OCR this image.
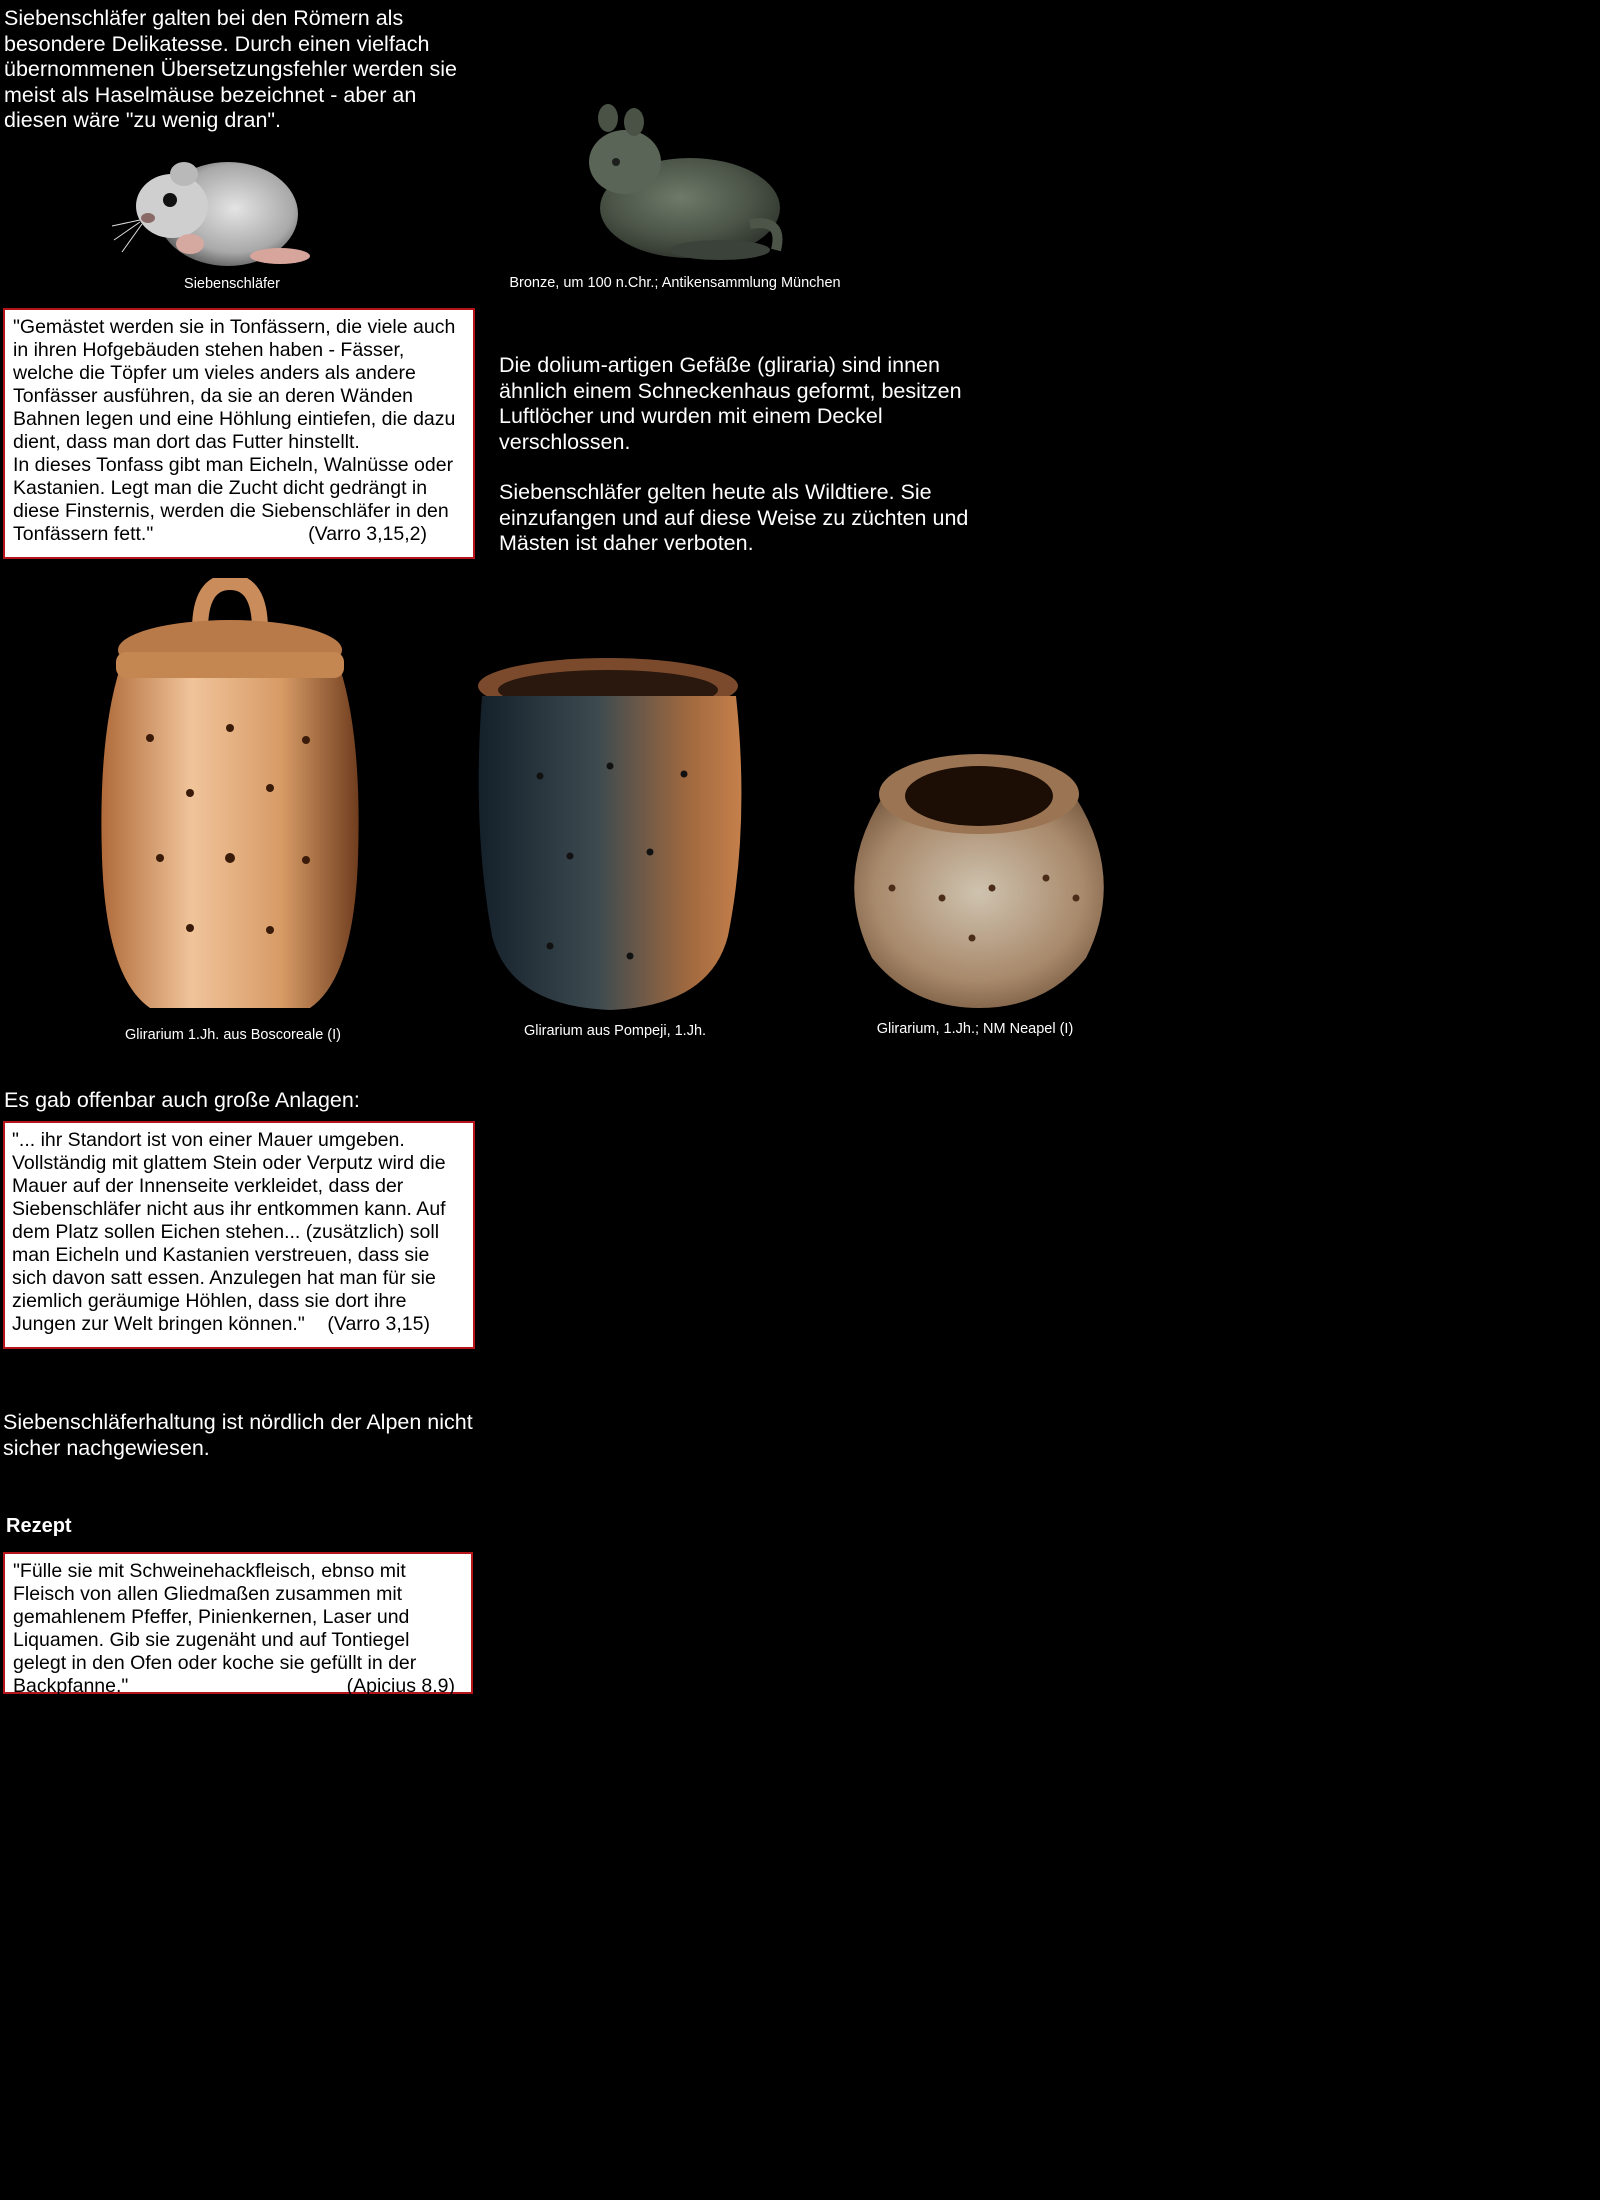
Siebenschläfer galten bei den Römern als besondere Delikatesse. Durch einen vielfach übernommenen Übersetzungsfehler werden sie meist als Haselmäuse bezeichnet - aber an diesen wäre "zu wenig dran".
Siebenschläfer	Bronze, um 100 n.Chr.; Antikensammlung München

"Gemästet werden sie in Tonfässern, die viele auch in ihren Hofgebäuden stehen haben - Fässer, welche die Töpfer um vieles anders als andere Tonfässer ausführen, da sie an deren Wänden Bahnen legen und eine Höhlung eintiefen, die dazu dient, dass man dort das Futter hinstellt.

In dieses Tonfass gibt man Eicheln, Walnüsse oder Kastanien. Legt man die Zucht dicht gedrängt in diese Finsternis, werden die Siebenschläfer in den Tonfässern fett."	(Varro 3,15,2)

Die dolium-artigen Gefäße (gliraria) sind innen ähnlich einem Schneckenhaus geformt, besitzen Luftlöcher und wurden mit einem Deckel verschlossen.
Siebenschläfer gelten heute als Wildtiere. Sie einzufangen und auf diese Weise zu züchten und Mästen ist daher verboten.
Glirarium 1.Jh. aus Boscoreale (I)	Glirarium aus Pompeji, 1.Jh.	Glirarium, 1.Jh.; NM Neapel (I)
Es gab offenbar auch große Anlagen:

"... ihr Standort ist von einer Mauer umgeben. Vollständig mit glattem Stein oder Verputz wird die Mauer auf der Innenseite verkleidet, dass der Siebenschläfer nicht aus ihr entkommen kann. Auf dem Platz sollen Eichen stehen... (zusätzlich) soll man Eicheln und Kastanien verstreuen, dass sie sich davon satt essen. Anzulegen hat man für sie ziemlich geräumige Höhlen, dass sie dort ihre Jungen zur Welt bringen können." (Varro 3,15)

Siebenschläferhaltung ist nördlich der Alpen nicht sicher nachgewiesen.
Rezept

"Fülle sie mit Schweinehackfleisch, ebnso mit Fleisch von allen Gliedmaßen zusammen mit gemahlenem Pfeffer, Pinienkernen, Laser und Liquamen. Gib sie zugenäht und auf Tontiegel gelegt in den Ofen oder koche sie gefüllt in der Backpfanne."	(Apicius 8.9)
